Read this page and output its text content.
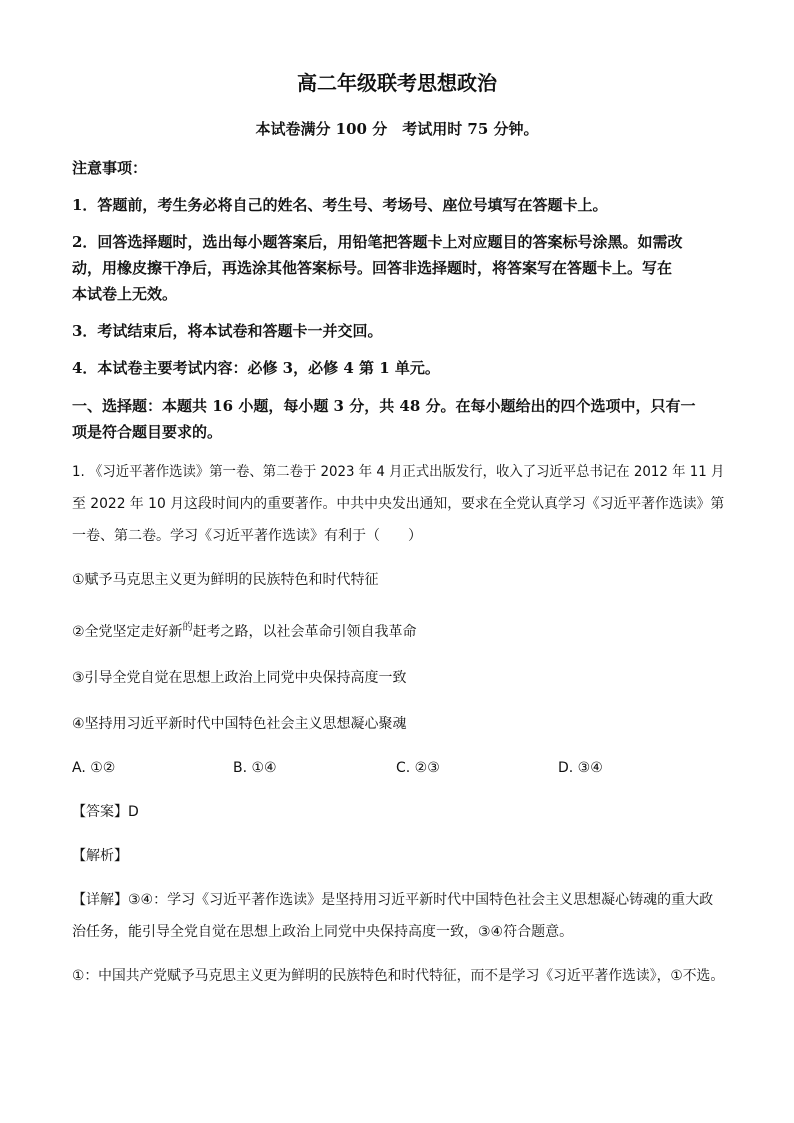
高二年级联考思想政治
本试卷满分 100 分　考试用时 75 分钟。
注意事项：
1．答题前，考生务必将自己的姓名、考生号、考场号、座位号填写在答题卡上。
2．回答选择题时，选出每小题答案后，用铅笔把答题卡上对应题目的答案标号涂黑。如需改
动，用橡皮擦干净后，再选涂其他答案标号。回答非选择题时，将答案写在答题卡上。写在
本试卷上无效。
3．考试结束后，将本试卷和答题卡一并交回。
4．本试卷主要考试内容：必修 3，必修 4 第 1 单元。
一、选择题：本题共 16 小题，每小题 3 分，共 48 分。在每小题给出的四个选项中，只有一
项是符合题目要求的。
1. 《习近平著作选读》第一卷、第二卷于 2023 年 4 月正式出版发行，收入了习近平总书记在 2012 年 11 月
至 2022 年 10 月这段时间内的重要著作。中共中央发出通知，要求在全党认真学习《习近平著作选读》第
一卷、第二卷。学习《习近平著作选读》有利于（　　）
①赋予马克思主义更为鲜明的民族特色和时代特征
②全党坚定走好新$^的$赶考之路，以社会革命引领自我革命
③引导全党自觉在思想上政治上同党中央保持高度一致
④坚持用习近平新时代中国特色社会主义思想凝心聚魂
A. ①②	B. ①④	C. ②③	D. ③④
【答案】D
【解析】
【详解】③④：学习《习近平著作选读》是坚持用习近平新时代中国特色社会主义思想凝心铸魂的重大政
治任务，能引导全党自觉在思想上政治上同党中央保持高度一致，③④符合题意。
①：中国共产党赋予马克思主义更为鲜明的民族特色和时代特征，而不是学习《习近平著作选读》，①不选。
